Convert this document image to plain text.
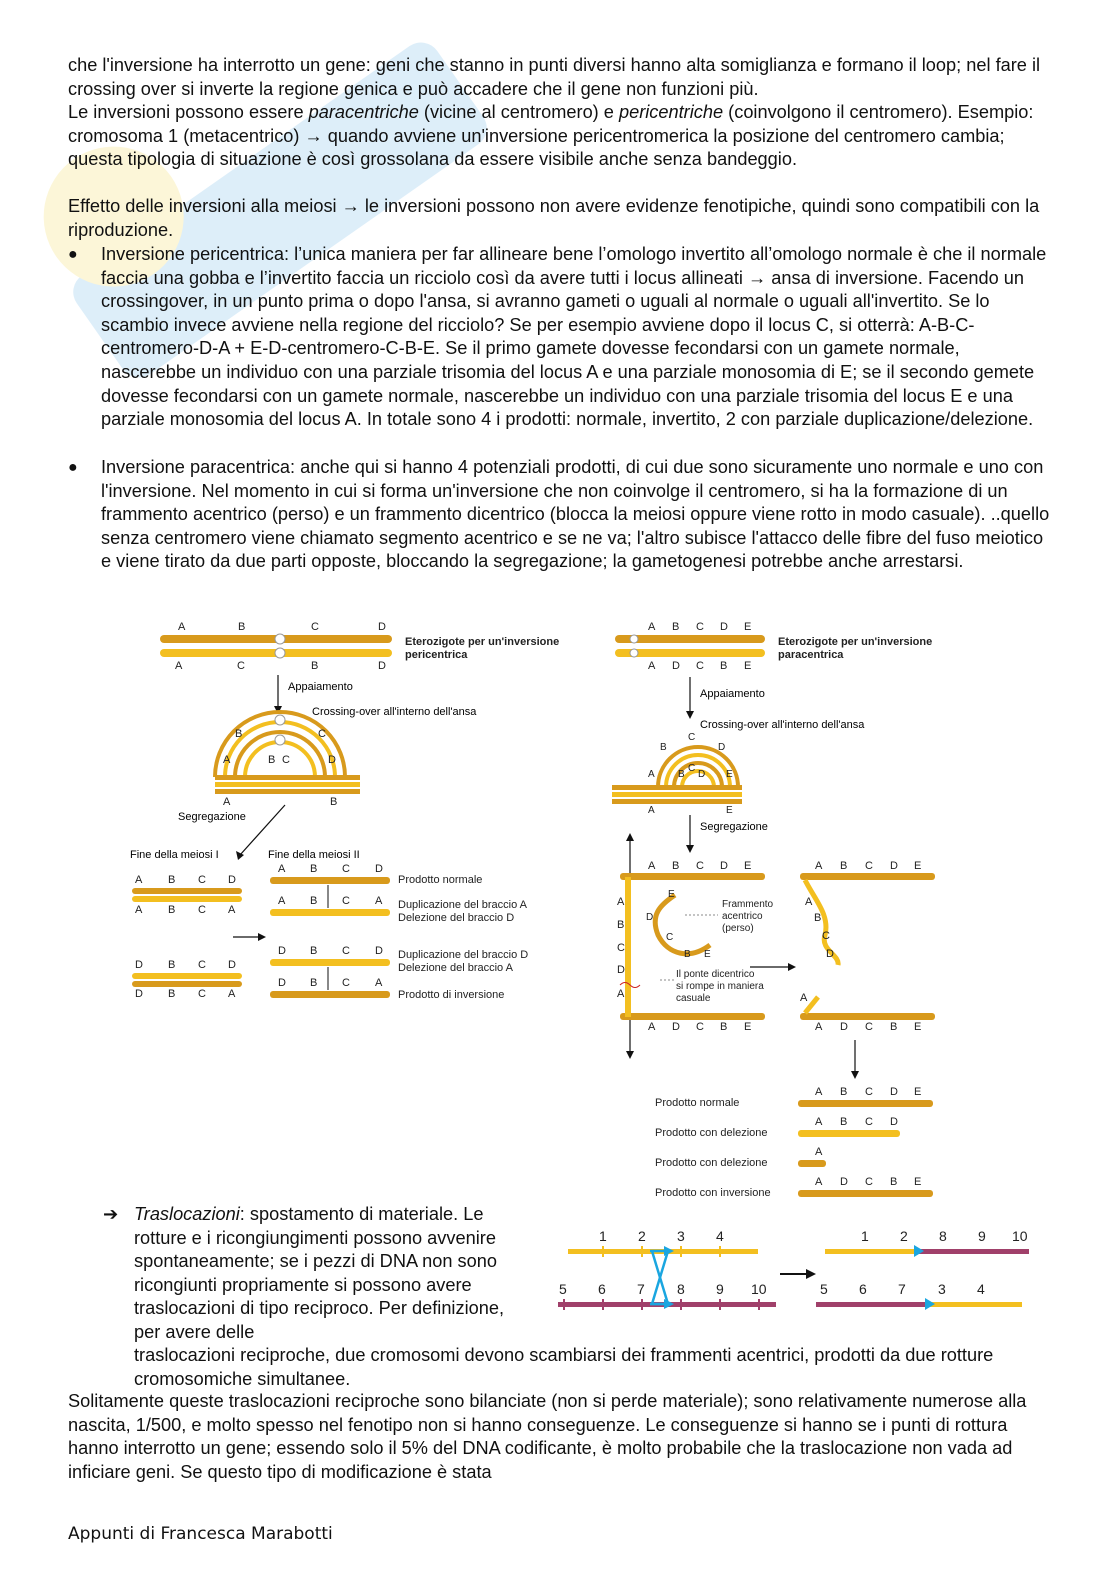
che l'inversione ha interrotto un gene: geni che stanno in punti diversi hanno alta somiglianza e formano il loop; nel fare il crossing over si inverte la regione genica e può accadere che il gene non funzioni più.

Le inversioni possono essere paracentriche (vicine al centromero) e pericentriche (coinvolgono il centromero). Esempio: cromosoma 1 (metacentrico) → quando avviene un'inversione pericentromerica la posizione del centromero cambia; questa tipologia di situazione è così grossolana da essere visibile anche senza bandeggio.

Effetto delle inversioni alla meiosi → le inversioni possono non avere evidenze fenotipiche, quindi sono compatibili con la riproduzione.

● Inversione pericentrica: l’unica maniera per far allineare bene l’omologo invertito all’omologo normale è che il normale faccia una gobba e l’invertito faccia un ricciolo così da avere tutti i locus allineati → ansa di inversione. Facendo un crossingover, in un punto prima o dopo l'ansa, si avranno gameti o uguali al normale o uguali all'invertito. Se lo scambio invece avviene nella regione del ricciolo? Se per esempio avviene dopo il locus C, si otterrà: A-B-C-centromero-D-A + E-D-centromero-C-B-E. Se il primo gamete dovesse fecondarsi con un gamete normale, nascerebbe un individuo con una parziale trisomia del locus A e una parziale monosomia di E; se il secondo gemete dovesse fecondarsi con un gamete normale, nascerebbe un individuo con una parziale trisomia del locus E e una parziale monosomia del locus A. In totale sono 4 i prodotti: normale, invertito, 2 con parziale duplicazione/delezione.
● Inversione paracentrica: anche qui si hanno 4 potenziali prodotti, di cui due sono sicuramente uno normale e uno con l'inversione. Nel momento in cui si forma un'inversione che non coinvolge il centromero, si ha la formazione di un frammento acentrico (perso) e un frammento dicentrico (blocca la meiosi oppure viene rotto in modo casuale). ..quello senza centromero viene chiamato segmento acentrico e se ne va; l'altro subisce l'attacco delle fibre del fuso meiotico e viene tirato da due parti opposte, bloccando la segregazione; la gametogenesi potrebbe anche arrestarsi.
A	B	C	D
A	C	B	D
Eterozigote per un'inversione pericentrica
Appaiamento
Crossing-over all'interno dell'ansa
A
B	C
D
B C
A	B
Segregazione
Fine della meiosi I	Fine della meiosi II
A B C D
A B C A
D B C D
D B C A
A B C D
A B C A
D B C D
D B C A
Prodotto normale
Duplicazione del braccio A
Delezione del braccio D
Duplicazione del braccio D
Delezione del braccio A
Prodotto di inversione
A B C D E
A D C B E
Eterozigote per un'inversione paracentrica
Appaiamento
Crossing-over all'interno dell'ansa
B
C
D
A B
C
D E
A	E
Segregazione
A B C D E
A D C B E
A
B
C
D
A
E
D
C
B E
Frammento acentrico (perso)
Il ponte dicentrico si rompe in maniera casuale
A B C D E
A
B
C
D
A
A D C B E
A B C D E
A B C D
A
A D C B E
Prodotto normale
Prodotto con delezione
Prodotto con delezione
Prodotto con inversione
➔ Traslocazioni: spostamento di materiale. Le rotture e i ricongiungimenti possono avvenire spontaneamente; se i pezzi di DNA non sono ricongiunti propriamente si possono avere traslocazioni di tipo reciproco. Per definizione, per avere delle

traslocazioni reciproche, due cromosomi devono scambiarsi dei frammenti acentrici, prodotti da due rotture cromosomiche simultanee.

1 2 3 4
5 6 7 8 9 10
1 2 8 9 10
5 6 7 3 4

Solitamente queste traslocazioni reciproche sono bilanciate (non si perde materiale); sono relativamente numerose alla nascita, 1/500, e molto spesso nel fenotipo non si hanno conseguenze. Le conseguenze si hanno se i punti di rottura hanno interrotto un gene; essendo solo il 5% del DNA codificante, è molto probabile che la traslocazione non vada ad inficiare geni. Se questo tipo di modificazione è stata

Appunti di Francesca Marabotti
